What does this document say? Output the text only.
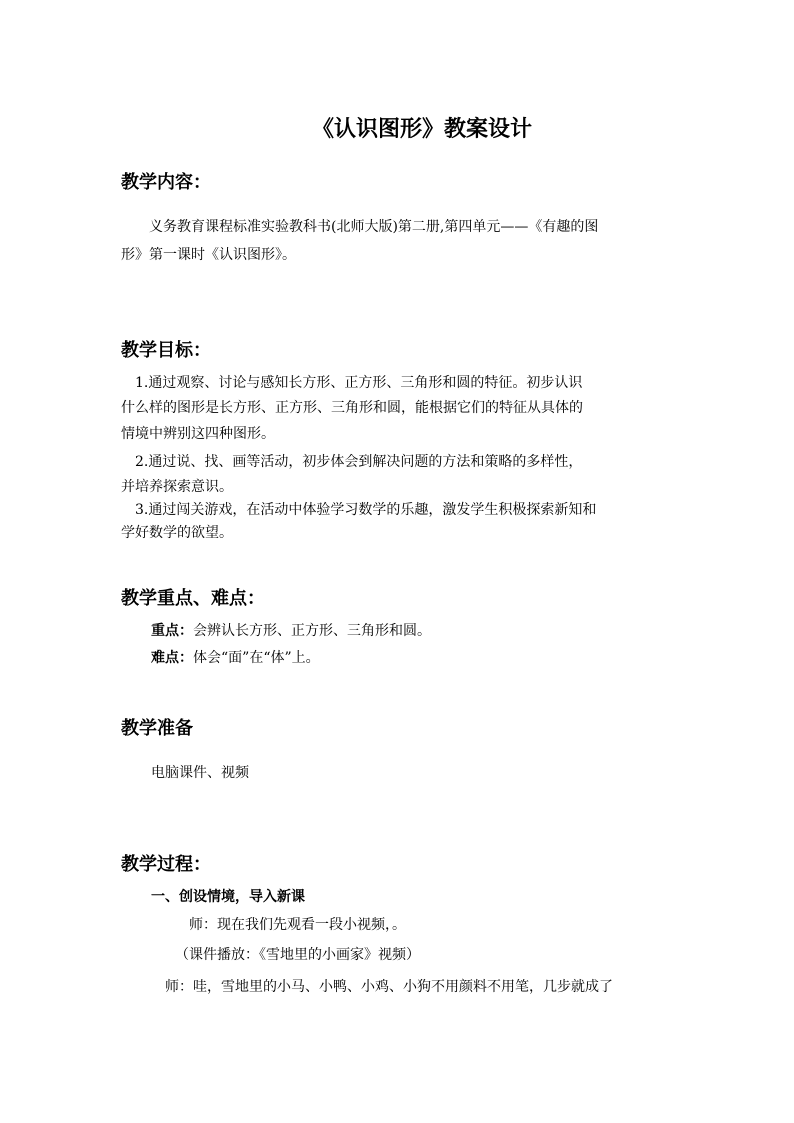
《认识图形》教案设计
教学内容：
义务教育课程标准实验教科书(北师大版)第二册,第四单元——《有趣的图
形》第一课时《认识图形》。
教学目标：
1.通过观察、讨论与感知长方形、正方形、三角形和圆的特征。初步认识
什么样的图形是长方形、正方形、三角形和圆，能根据它们的特征从具体的
情境中辨别这四种图形。
2.通过说、找、画等活动，初步体会到解决问题的方法和策略的多样性，
并培养探索意识。
3.通过闯关游戏，在活动中体验学习数学的乐趣，激发学生积极探索新知和
学好数学的欲望。
教学重点、难点：
重点：会辨认长方形、正方形、三角形和圆。
难点：体会“面”在“体”上。
教学准备
电脑课件、视频
教学过程：
一、创设情境，导入新课
师：现在我们先观看一段小视频，。
（课件播放：《雪地里的小画家》视频）
师：哇，雪地里的小马、小鸭、小鸡、小狗不用颜料不用笔，几步就成了
